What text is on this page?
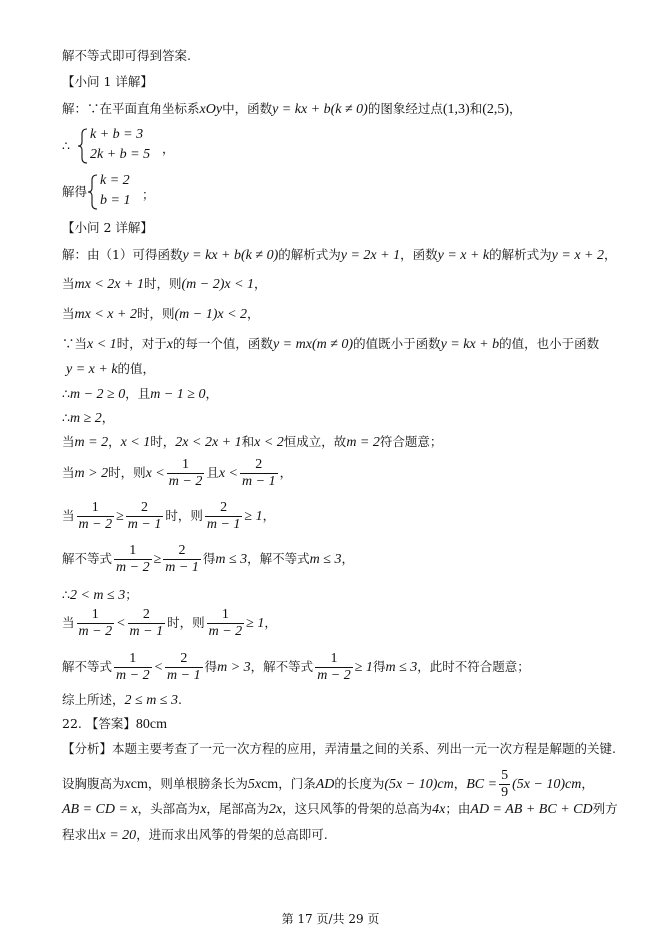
解不等式即可得到答案.
【小问 1 详解】
解：∵在平面直角坐标系xOy中，函数y = kx + b(k ≠ 0)的图象经过点(1,3)和(2,5)，
∴
k + b = 3
2k + b = 5 ，
解得
k = 2
b = 1 ；
【小问 2 详解】
解：由（1）可得函数y = kx + b(k ≠ 0)的解析式为y = 2x + 1，函数y = x + k的解析式为y = x + 2，
当mx < 2x + 1时，则(m − 2)x < 1，
当mx < x + 2时，则(m − 1)x < 2，
∵当x < 1时，对于x的每一个值，函数y = mx(m ≠ 0)的值既小于函数y = kx + b的值，也小于函数
y = x + k的值，
∴m − 2 ≥ 0，且m − 1 ≥ 0，
∴m ≥ 2，
当m = 2，x < 1时，2x < 2x + 1和x < 2恒成立，故m = 2符合题意；
当m > 2时，则$x < \frac{1}{m - 2}$ 且$x < \frac{2}{m - 1}$ ，
当 $\frac{1}{m - 2} \ge \frac{2}{m - 1}$ 时，则 $\frac{2}{m - 1} \ge 1$，
解不等式 $\frac{1}{m - 2} \ge \frac{2}{m - 1}$ 得m ≤ 3，解不等式m ≤ 3，
∴2 < m ≤ 3；
当 $\frac{1}{m - 2} < \frac{2}{m - 1}$ 时，则 $\frac{1}{m - 2} \ge 1$，
解不等式 $\frac{1}{m - 2} < \frac{2}{m - 1}$ 得m > 3，解不等式 $\frac{1}{m - 2} \ge 1$得m ≤ 3，此时不符合题意；
综上所述，2 ≤ m ≤ 3.
22. 【答案】80cm
【分析】本题主要考查了一元一次方程的应用，弄清量之间的关系、列出一元一次方程是解题的关键.
设胸腹高为xcm，则单根膀条长为5xcm，门条AD的长度为(5x − 10)cm，BC = $\frac{5}{9} (5x - 10)cm$，
AB = CD = x，头部高为x，尾部高为2x，这只风筝的骨架的总高为4x；由AD = AB + BC + CD列方
程求出x = 20，进而求出风筝的骨架的总高即可.
第 17 页/共 29 页
